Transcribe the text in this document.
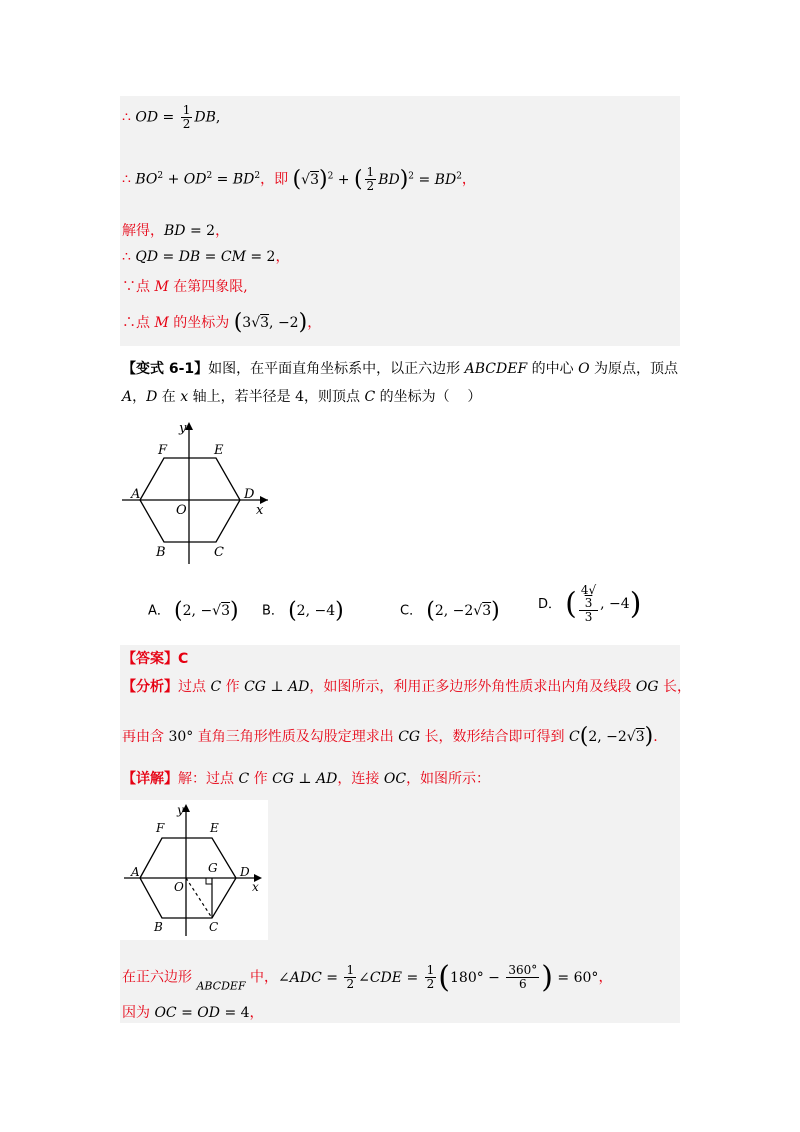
∴ OD = $\frac{1}{2}$ DB,
∴ $BO^2 + OD^2 = BD^2$，即 $(√3)^2$ + ( $\frac{1}{2} BD)^2 = BD^2$，
解得，BD = 2，
∴ QD = DB = CM = 2，
∵点 M 在第四象限,
∴点 M 的坐标为 (3√3, −2)，
【变式 6-1】如图，在平面直角坐标系中，以正六边形 ABCDEF 的中心 O 为原点，顶点
A，D 在 x 轴上，若半径是 4，则顶点 C 的坐标为（    ）
A
F	E
D
x
y
O
B	C
A． (2, −√3) B． (2, −4)	C． (2, −2√3)	D． ( 4√
3
3 , −4)
【答案】C
【分析】过点 C 作 CG ⊥ AD，如图所示，利用正多边形外角性质求出内角及线段 OG 长，
再由含 30° 直角三角形性质及勾股定理求出 CG 长，数形结合即可得到 C(2, −2√3).
【详解】解：过点 C 作 CG ⊥ AD，连接 OC，如图所示：
A
F	E
D
G
x
y
O
B	C
在正六边形 $_{ABCDEF}$ 中，∠ADC = $\frac{1}{2}$ ∠CDE = $\frac{1}{2} (180^\circ - \frac{360^\circ}{6}$ ) = 60°，
因为 OC = OD = 4，
